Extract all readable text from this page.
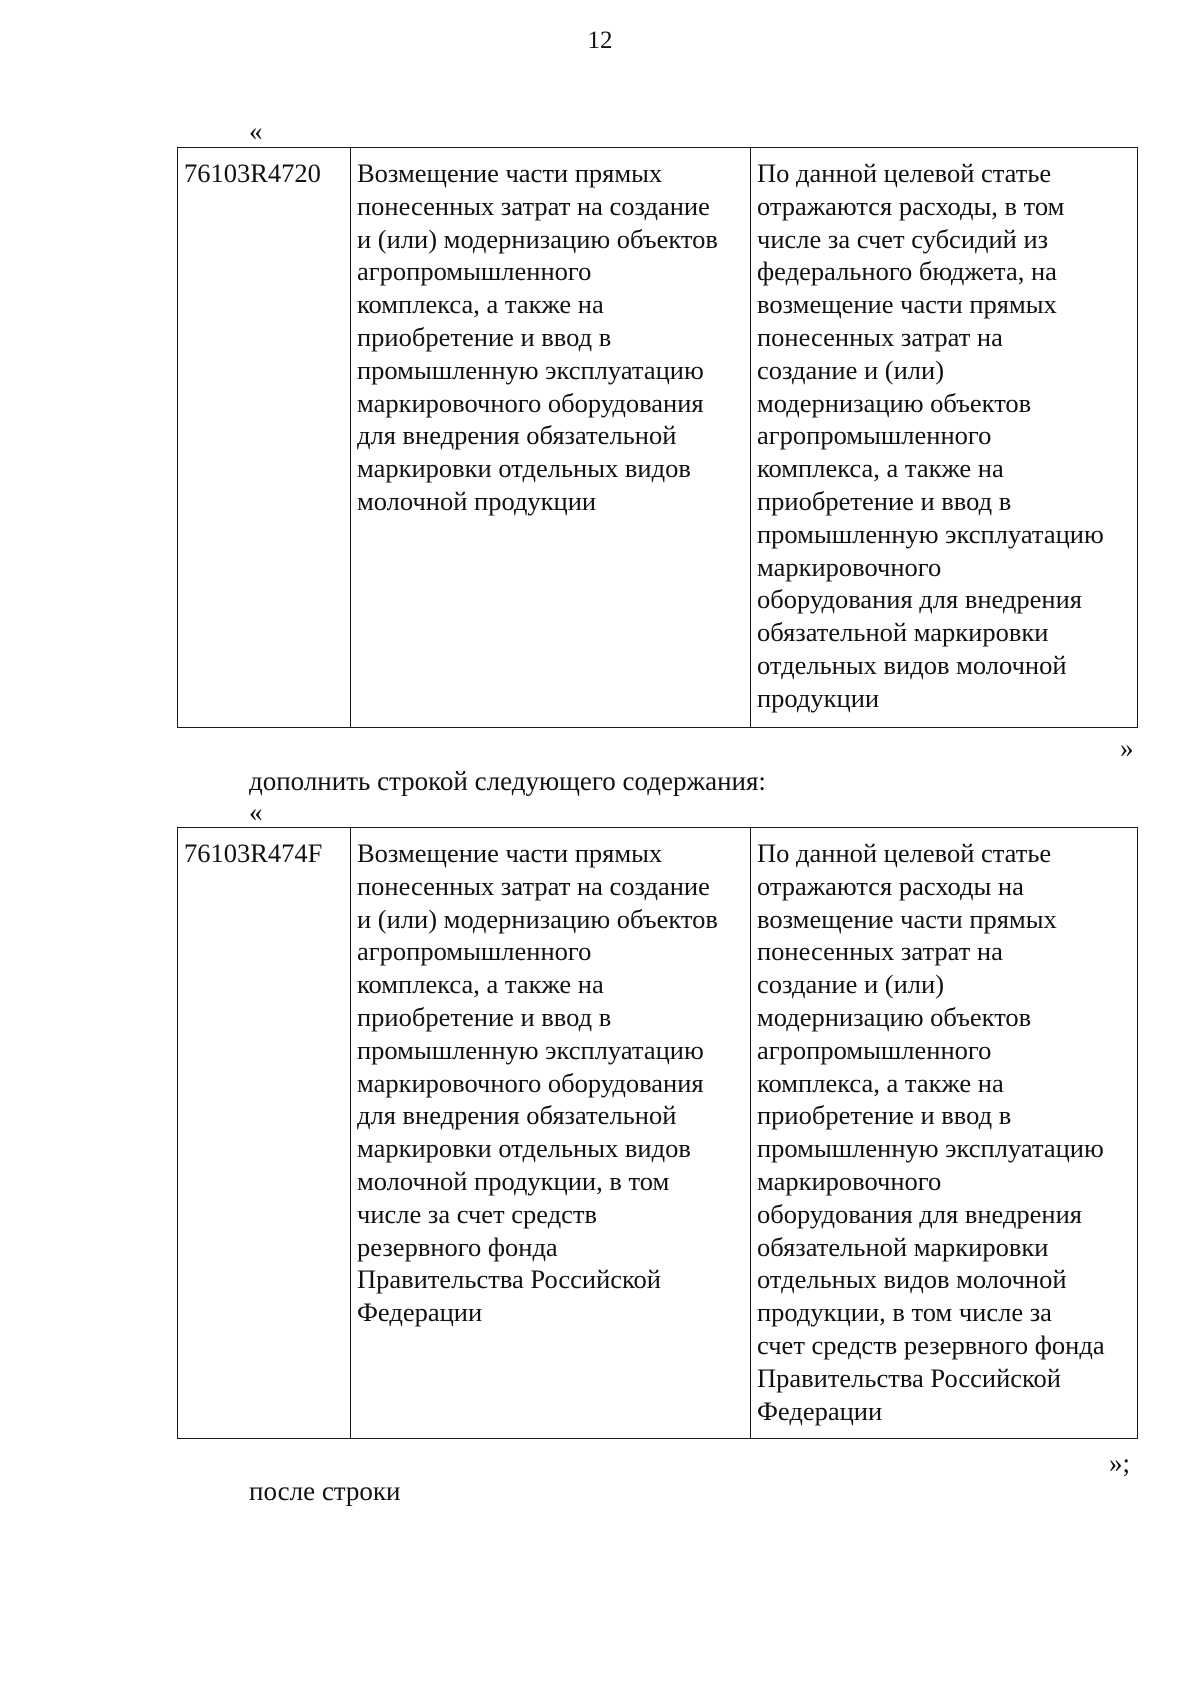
12
«
76103R4720	Возмещение части прямых
понесенных затрат на создание
и (или) модернизацию объектов
агропромышленного
комплекса, а также на
приобретение и ввод в
промышленную эксплуатацию
маркировочного оборудования
для внедрения обязательной
маркировки отдельных видов
молочной продукции	По данной целевой статье
отражаются расходы, в том
числе за счет субсидий из
федерального бюджета, на
возмещение части прямых
понесенных затрат на
создание и (или)
модернизацию объектов
агропромышленного
комплекса, а также на
приобретение и ввод в
промышленную эксплуатацию
маркировочного
оборудования для внедрения
обязательной маркировки
отдельных видов молочной
продукции
»
дополнить строкой следующего содержания:
«
76103R474F	Возмещение части прямых
понесенных затрат на создание
и (или) модернизацию объектов
агропромышленного
комплекса, а также на
приобретение и ввод в
промышленную эксплуатацию
маркировочного оборудования
для внедрения обязательной
маркировки отдельных видов
молочной продукции, в том
числе за счет средств
резервного фонда
Правительства Российской
Федерации	По данной целевой статье
отражаются расходы на
возмещение части прямых
понесенных затрат на
создание и (или)
модернизацию объектов
агропромышленного
комплекса, а также на
приобретение и ввод в
промышленную эксплуатацию
маркировочного
оборудования для внедрения
обязательной маркировки
отдельных видов молочной
продукции, в том числе за
счет средств резервного фонда
Правительства Российской
Федерации
»;
после строки
